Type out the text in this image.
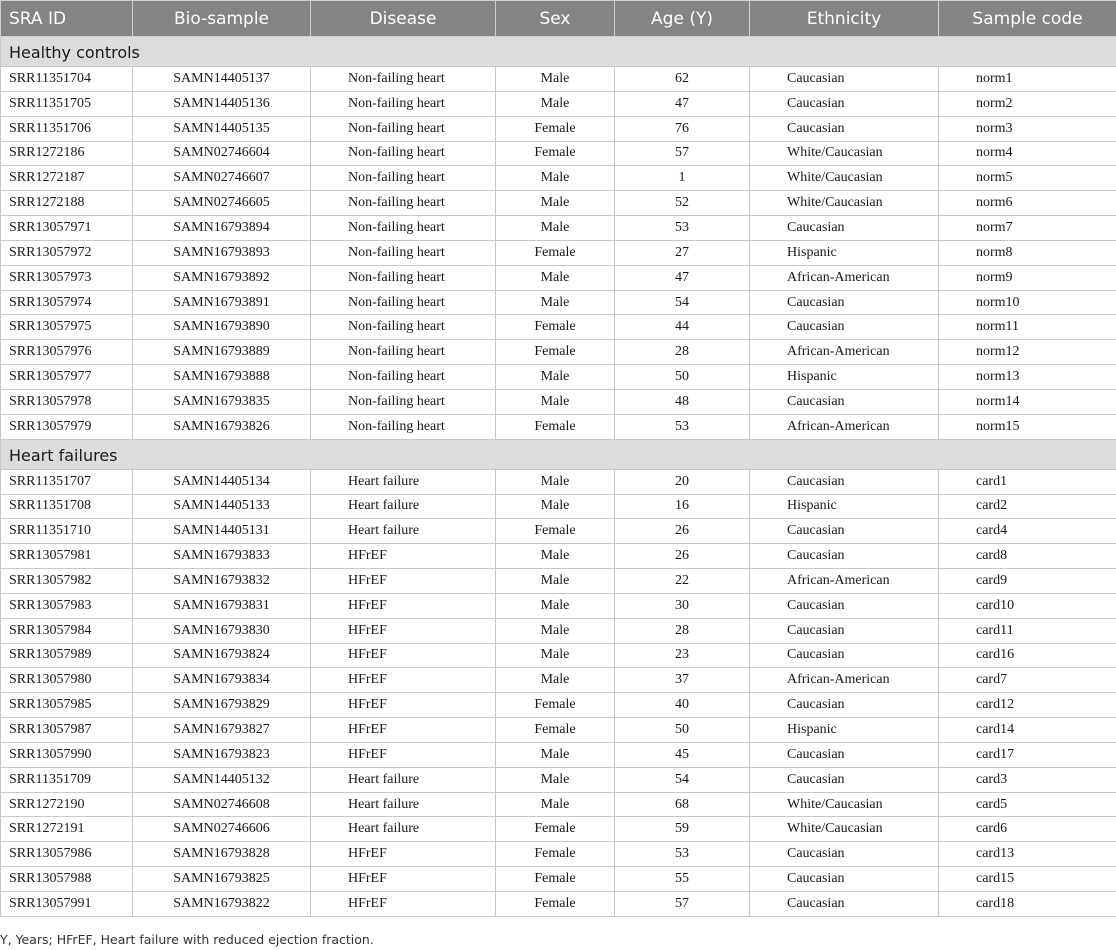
SRA ID	Bio-sample	Disease	Sex	Age (Y)	Ethnicity	Sample code
Healthy controls						
SRR11351704	SAMN14405137	Non-failing heart	Male	62	Caucasian	norm1
SRR11351705	SAMN14405136	Non-failing heart	Male	47	Caucasian	norm2
SRR11351706	SAMN14405135	Non-failing heart	Female	76	Caucasian	norm3
SRR1272186	SAMN02746604	Non-failing heart	Female	57	White/Caucasian	norm4
SRR1272187	SAMN02746607	Non-failing heart	Male	1	White/Caucasian	norm5
SRR1272188	SAMN02746605	Non-failing heart	Male	52	White/Caucasian	norm6
SRR13057971	SAMN16793894	Non-failing heart	Male	53	Caucasian	norm7
SRR13057972	SAMN16793893	Non-failing heart	Female	27	Hispanic	norm8
SRR13057973	SAMN16793892	Non-failing heart	Male	47	African-American	norm9
SRR13057974	SAMN16793891	Non-failing heart	Male	54	Caucasian	norm10
SRR13057975	SAMN16793890	Non-failing heart	Female	44	Caucasian	norm11
SRR13057976	SAMN16793889	Non-failing heart	Female	28	African-American	norm12
SRR13057977	SAMN16793888	Non-failing heart	Male	50	Hispanic	norm13
SRR13057978	SAMN16793835	Non-failing heart	Male	48	Caucasian	norm14
SRR13057979	SAMN16793826	Non-failing heart	Female	53	African-American	norm15
Heart failures						
SRR11351707	SAMN14405134	Heart failure	Male	20	Caucasian	card1
SRR11351708	SAMN14405133	Heart failure	Male	16	Hispanic	card2
SRR11351710	SAMN14405131	Heart failure	Female	26	Caucasian	card4
SRR13057981	SAMN16793833	HFrEF	Male	26	Caucasian	card8
SRR13057982	SAMN16793832	HFrEF	Male	22	African-American	card9
SRR13057983	SAMN16793831	HFrEF	Male	30	Caucasian	card10
SRR13057984	SAMN16793830	HFrEF	Male	28	Caucasian	card11
SRR13057989	SAMN16793824	HFrEF	Male	23	Caucasian	card16
SRR13057980	SAMN16793834	HFrEF	Male	37	African-American	card7
SRR13057985	SAMN16793829	HFrEF	Female	40	Caucasian	card12
SRR13057987	SAMN16793827	HFrEF	Female	50	Hispanic	card14
SRR13057990	SAMN16793823	HFrEF	Male	45	Caucasian	card17
SRR11351709	SAMN14405132	Heart failure	Male	54	Caucasian	card3
SRR1272190	SAMN02746608	Heart failure	Male	68	White/Caucasian	card5
SRR1272191	SAMN02746606	Heart failure	Female	59	White/Caucasian	card6
SRR13057986	SAMN16793828	HFrEF	Female	53	Caucasian	card13
SRR13057988	SAMN16793825	HFrEF	Female	55	Caucasian	card15
SRR13057991	SAMN16793822	HFrEF	Female	57	Caucasian	card18
Y, Years; HFrEF, Heart failure with reduced ejection fraction.
